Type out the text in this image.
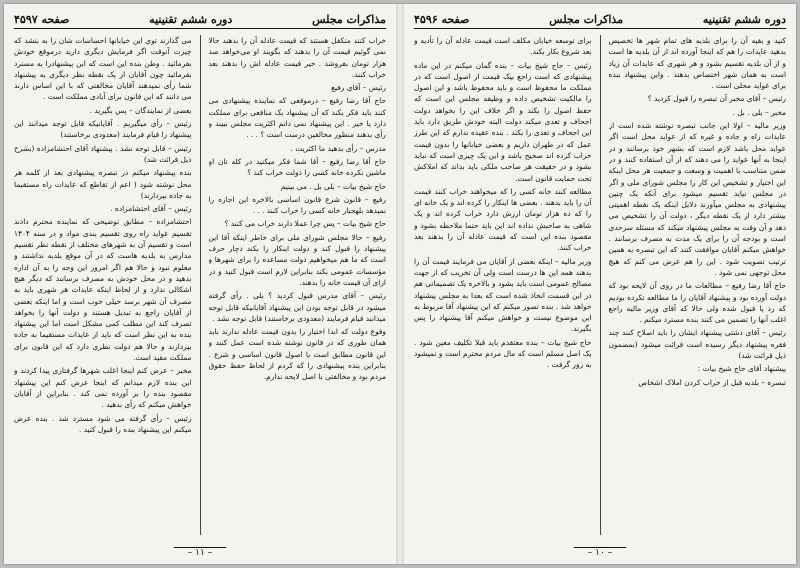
مذاکرات مجلس
دوره ششم تقنینیه
صفحه ۴۵۹۷

خراب کنند متکفل هستند که قیمت عادله آن را بدهند حالا نمی گوئیم قیمت آن را بدهند که بگویند او می‌خواهد صد هزار تومان بفروشد . خیر قیمت عادله اش را بدهند بعد خراب کنند.

رئیس – آقای رفیع

حاج آقا رضا رفیع – درموقعی که نماینده پیشنهادی می کنند باید فکر بکند که آن پیشنهاد یک منافعی برای مملکت دارد یا خیر . این پیشنهاد نمی دانم اکثریت مجلس ببیند و رأی بدهند منظور مخالفین درست است ؟ . . .

مدرس – رأی بدهید ما اکثریت .

حاج آقا رضا رفیع – آقا شما فکر میکنید در کله تان او ماشین نکرده خانه کسی را دولت خراب کند ؟

حاج شیخ بیات – بلی بل . می بینیم

رفیع – قانون شرع قانون اساسی بالاخره این اجازه را نمیدهد بلهجبار خانه کسی را خراب کنند . . .

حاج شیخ بیات – پس چرا عملا دارند خراب می کنند ؟

رفیع – حالا مجلس شورای ملی برای خاطر اینکه آقا این پیشنهاد را قبول کند و دولت اینکار را بکند دچار حرف است که ما هم میخواهیم دولت مساعده را برای شهرها و مؤسسات عمومی بکند بنابراین لازم است قبول کنید و در ازای آن قیمت خانه را بدهند.

رئیس – آقای مدرس قبول کردید ؟ بلی . رأی گرفته میشود در قابل توجه بودن این پیشنهاد آقایانیکه قابل توجه میدانند قیام فرمایند (معدودی برخاستند) قابل توجه نشد .

وقوع دولت که ابدا اختیار را بدون قیمت عادله ندارند باید همان طوری که در قانون نوشته شده است عمل کنند و این قانون مطابق است با اصول قانون اساسی و شرع . بنابراین بنده پیشنهادی را که کردم از لحاظ حفظ حقوق مردم بود و مخالفتی با اصل لایحه ندارم.

می گذارند توی این خیابانها احساسات شان را به بنشد که چیزت آنوقت اگر فرمایش دیگری دارید درموقع خودش بفرمائید . وطن بنده این است که این پیشنهادرا به مسترد بفرمائید چون آقایان از یک نقطه نظر دیگری به پیشنهاد شما رأی نمیدهند آقایان مخالفتی که با این اساس دارند می دانند که این قانون برای آبادی مملکت است .

بعضی از نمایندگان – پس بگیرید .

رئیس – رأی میگیریم . آقایانیکه قابل توجه میدانند این پیشنهاد را قیام فرمایند (معدودی برخاستند)

رئیس – قابل توجه نشد . پیشنهاد آقای احتشامزاده (بشرح ذیل قرائت شد)

بنده پیشنهاد میکنم در تبصره پیشنهادی بعد از کلمه هر محل نوشته شود ( اعم از تقاطع که عایدات راه مستقیما به جاده بپردازند)

رئیس – آقای احتشامزاده .

احتشامزاده – مطابق توضیحی که نماینده محترم دادند تقسیم عواید راه روی تقسیم بندی مواد و در سنه ۱۳۰۴ است و تقسیم آن به شهرهای مختلف از نقطه نظر تقسیم مدارس به بلدیه هاست که در آن موقع بلدیه نداشتند و معلوم نبود و حالا هم اگر امروز این وجه را به آن اداره بدهید و در محل خودش به مصرف برسانند که دیگر هیچ اشکالی ندارد و از لحاظ اینکه عایدات هر شهری باید به مصرف آن شهر برسد خیلی خوب است و اما اینکه بعضی از آقایان راجع به تبدیل هستند و دولت آنها را بخواهد تصرف کند این مطلب کمی مشکل است اما این پیشنهاد بنده به این نظر است که باید از عایدات مستقیما به جاده بپردازند و حالا هم دولت نظری دارد که این قانون برای مملکت مفید است.

مخبر – عرض کنم اینجا اغلب شهرها گرفتاری پیدا کردند و این بنده لازم میدانم که اینجا عرض کنم این پیشنهاد مقصود بنده را بر آورده نمی کند . بنابراین از آقایان خواهش میکنم که رأی بدهید .

رئیس – رأی گرفته می شود مسترد شد . بنده عرض میکنم این پیشنهاد بنده را قبول کنید .

– ۱۱ –
دوره ششم تقنینیه
مذاکرات مجلس
صفحه ۴۵۹۶

کنید و بقیه آن را برای بلدیه های تمام شهر ها تخصیص بدهید عایدات را هم که اینجا آورده اند از آن بلدیه ها است و از آن بلدیه تقسیم بشود و هر شهری که عایدات آن زیاد است به همان شهر اختصاص بدهند . واین پیشنهاد بنده برای عواید محلی است .

رئیس – آقای مخبر آن تبصره را قبول کردید ؟

مخبر – بلی . بل .

وزیر مالیه – اولا این جانب تبصره نوشته شده است از عایدات راه و جاده و غیره که از عواید محل است اگر عواید محل باشد لازم است که بشهر خود برسانند و در اینجا به آنها عواید را می دهند که از آن استفاده کنند و در ضمن متناسب با اهمیت و وسعت و جمعیت هر محل اینکه این اختیار و تشخیص این کار را مجلس شورای ملی و اگر در مجلس نیاید تقسیم میشود برای آنکه یک چنین پیشنهادی به مجلس میآورند دلایل اینکه یک نقطه اهمیتی بیشتر دارد از یک نقطه دیگر ، دولت آن را تشخیص می دهد و آن وقت به مجلس پیشنهاد میکند که مسئله سرحدی است و بودجه آن را برای یک مدت به مصرف برسانند . خواهش میکنم آقایان موافقت کنند که این تبصره به همین ترتیب تصویب شود . این را هم عرض می کنم که هیچ محل توجهی نمی شود .

حاج آقا رضا رفیع – مطالعات ما در روی آن لایحه بود که دولت آورده بود و پیشنهاد آقایان را ما مطالعه نکرده بودیم که رد یا قبول شده ولی حالا که آقای وزیر مالیه راجع اغلب آنها را تضمین می کنند بنده مسترد میکنم .

رئیس – آقای دشتی پیشنهاد ایشان را باید اصلاح کنند چند فقره پیشنهاد دیگر رسیده است قرائت میشود (بمضمون ذیل قرائت شد)

پیشنهاد آقای حاج شیخ بیات :

تبصره – بلدیه قبل از خراب کردن املاک اشخاص

برای توسعه خیابان مکلف است قیمت عادله آن را تأدیه و بعد شروع بکار بکند.

رئیس – حاج شیخ بیات – بنده گمان میکنم در این ماده پیشنهادی که است راجع بیک قیمت از اصول است که در مملکت ما محفوظ است و باید محفوظ باشد و این اصول را مالکیت تشخیص داده و وظیفه مجلس این است که حفظ اصول را بکند و اگر خلاف این را بخواهد دولت اجحاف و تعدی میکند دولت البته خودش طریق دارد باید این اجحاف و تعدی را بکند . بنده عقیده ندارم که این طرز عمل که در طهران داریم و بعضی خیابانها را بدون قیمت خراب کرده اند صحیح باشد و این یک چیزی است که نباید بشود و در حقیقت هر صاحب ملکی باید بداند که املاکش تحت حمایت قانون است.

مطالعه کنند خانه کسی را که میخواهند خراب کنند قیمت آن را باید بدهند . بعضی ها اینکار را کرده اند و یک خانه ای را که ده هزار تومان ارزش دارد خراب کرده اند و یک شاهی به صاحبش نداده اند این باید حتما ملاحظه بشود و مقصود بنده این است که قیمت عادله آن را بدهند بعد خراب کنند.

وزیر مالیه – اینکه بعضی از آقایان می فرمایند قیمت آن را بدهند همه این ها درست است ولی آن تخریب که از جهت مصالح عمومی است باید بشود و بالاخره یک تصمیماتی هم در این قسمت اتخاذ شده است که بعدا به مجلس پیشنهاد خواهد شد . بنده تصور میکنم که این پیشنهاد آقا مربوط به این موضوع نیست و خواهش میکنم آقا پیشنهاد را پس بگیرند.

حاج شیخ بیات – بنده معتقدم باید قبلا تکلیف معین شود . یک اصل مسلم است که مال مردم محترم است و نمیشود به زور گرفت .

– ۱۰ –
